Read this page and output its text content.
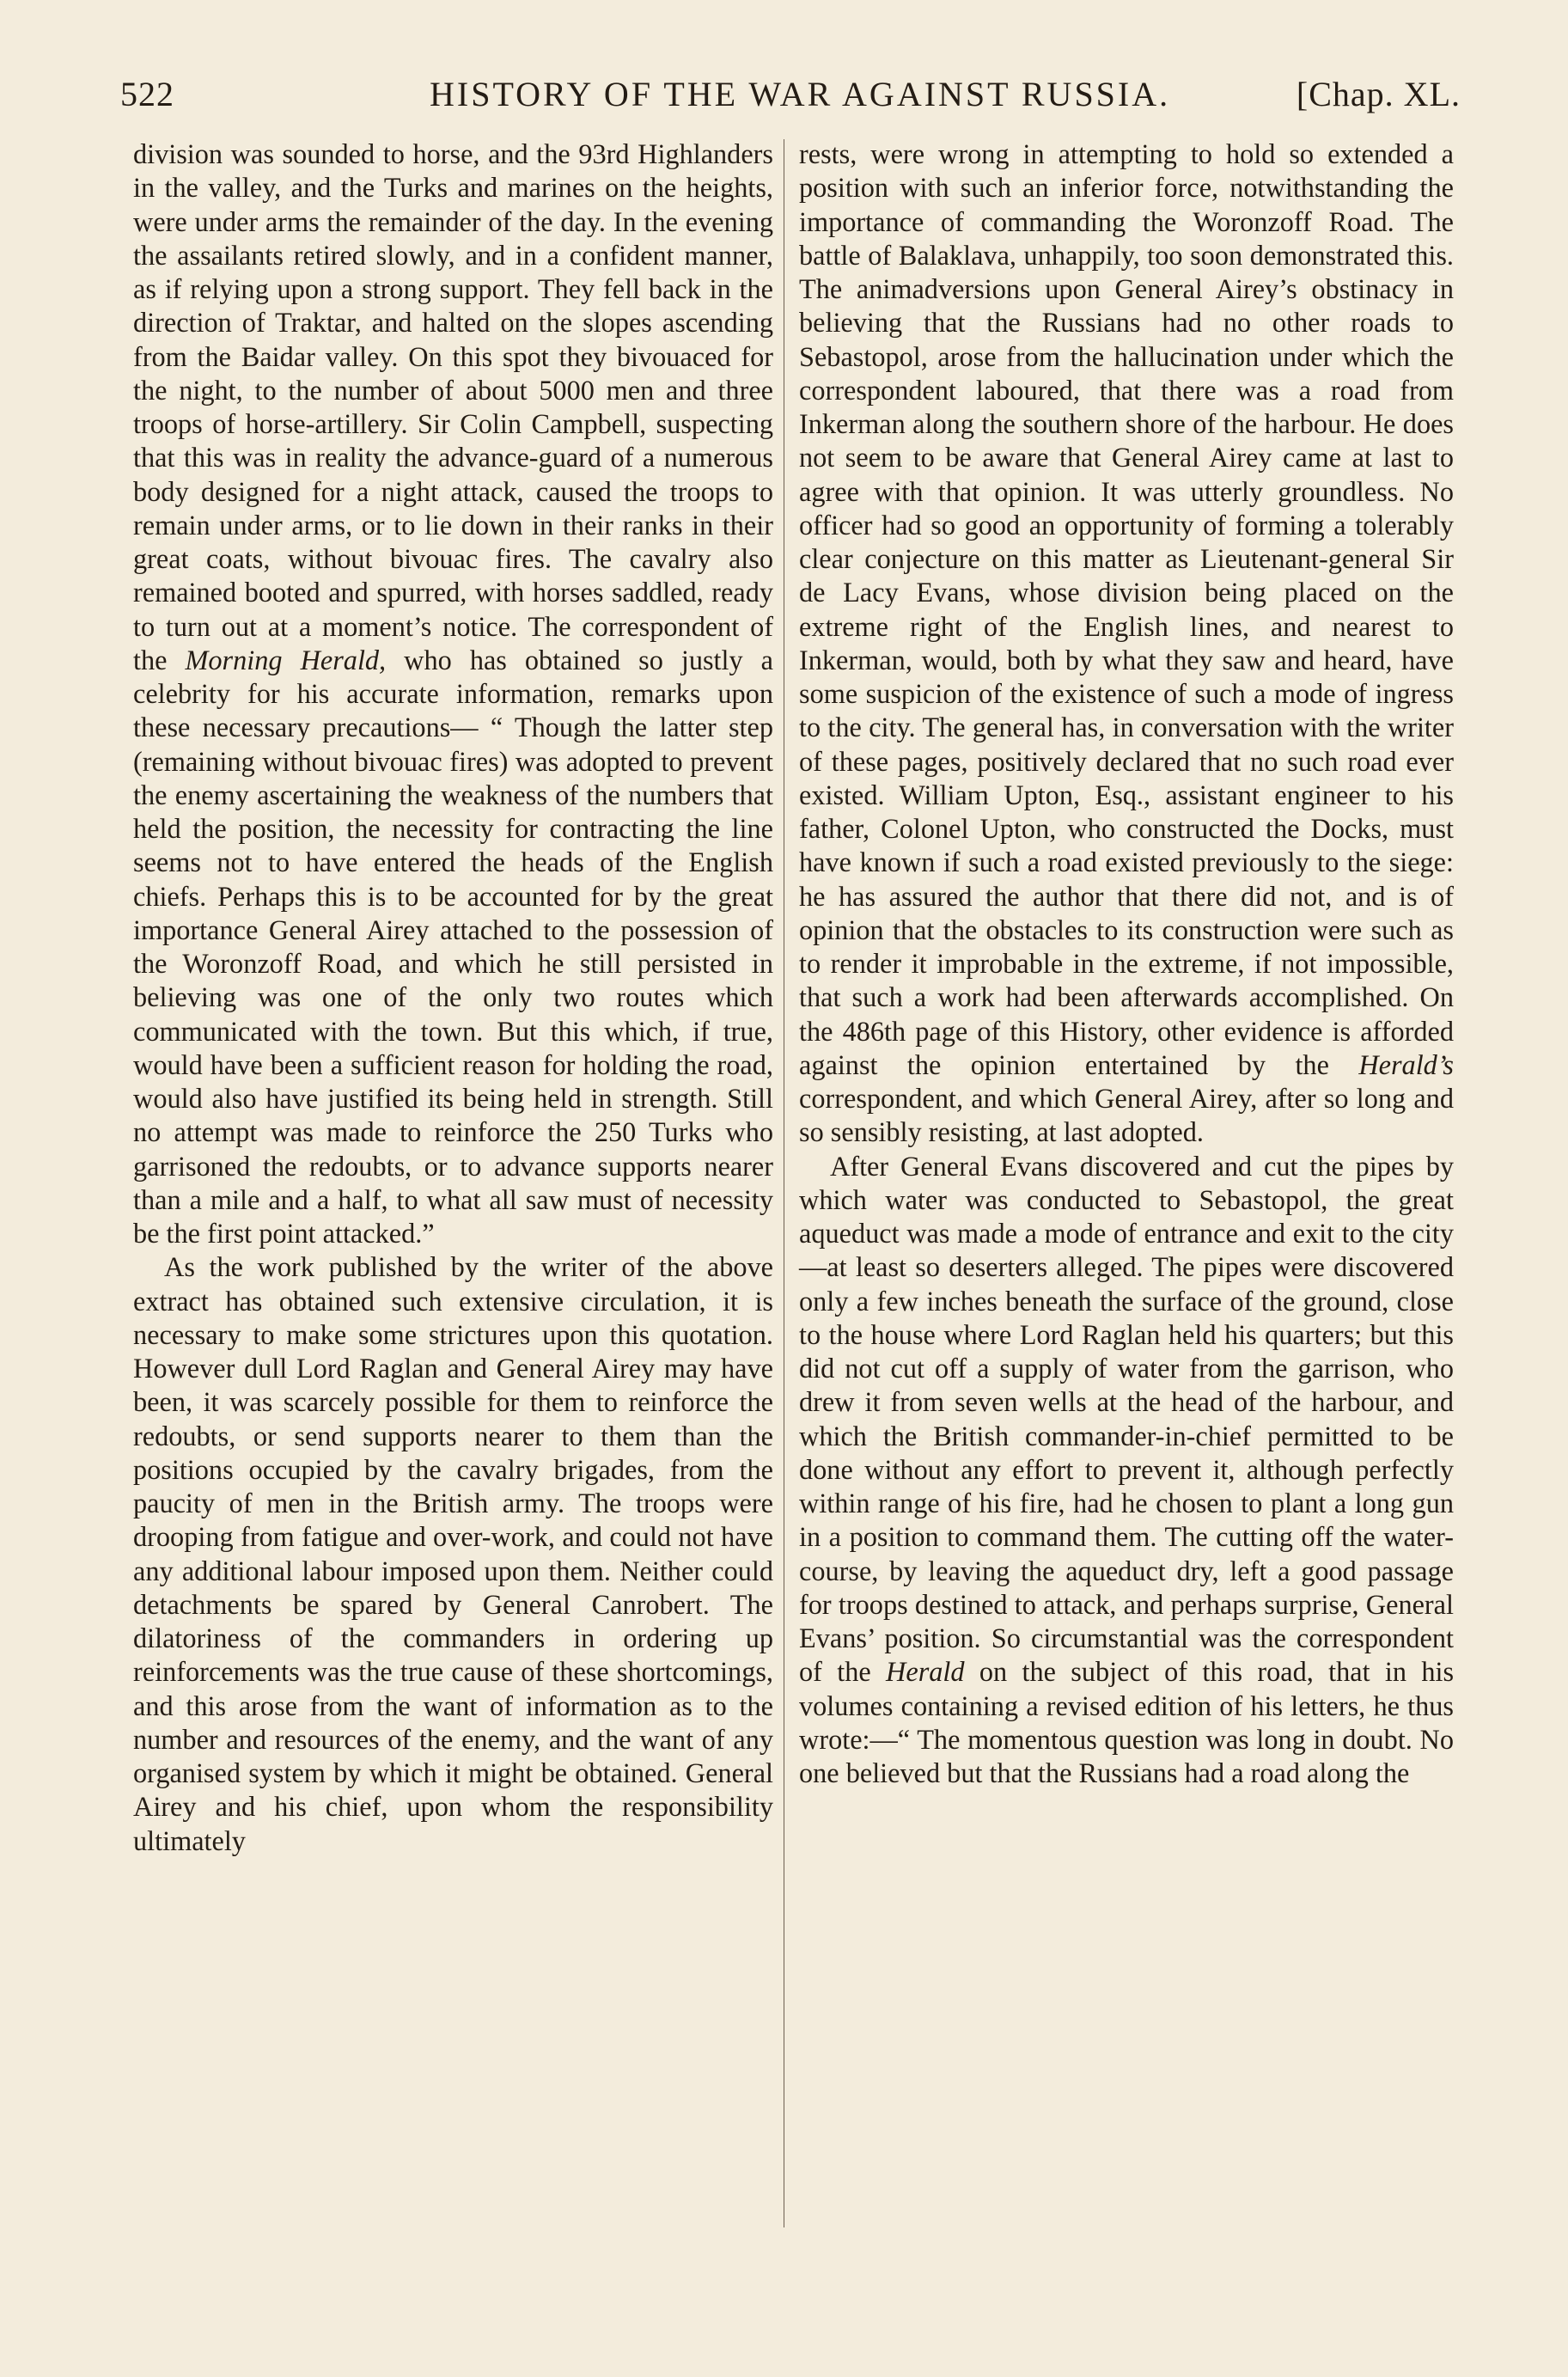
522	HISTORY OF THE WAR AGAINST RUSSIA.	[Chap. XL.

division was sounded to horse, and the 93rd Highlanders in the valley, and the Turks and marines on the heights, were under arms the remainder of the day. In the evening the assailants retired slowly, and in a confident manner, as if relying upon a strong support. They fell back in the direction of Traktar, and halted on the slopes ascending from the Baidar valley. On this spot they bivouaced for the night, to the number of about 5000 men and three troops of horse-artillery. Sir Colin Campbell, suspecting that this was in reality the advance-guard of a numerous body designed for a night attack, caused the troops to remain under arms, or to lie down in their ranks in their great coats, without bivouac fires. The cavalry also remained booted and spurred, with horses saddled, ready to turn out at a moment’s notice. The correspondent of the Morning Herald, who has obtained so justly a celebrity for his accurate information, remarks upon these necessary precautions— “ Though the latter step (remaining without bivouac fires) was adopted to prevent the enemy ascertaining the weakness of the numbers that held the position, the necessity for contracting the line seems not to have entered the heads of the English chiefs. Perhaps this is to be accounted for by the great importance General Airey attached to the possession of the Woronzoff Road, and which he still persisted in believing was one of the only two routes which communicated with the town. But this which, if true, would have been a sufficient reason for holding the road, would also have justified its being held in strength. Still no attempt was made to reinforce the 250 Turks who garrisoned the redoubts, or to advance supports nearer than a mile and a half, to what all saw must of necessity be the first point attacked.”

As the work published by the writer of the above extract has obtained such extensive circulation, it is necessary to make some strictures upon this quotation. However dull Lord Raglan and General Airey may have been, it was scarcely possible for them to reinforce the redoubts, or send supports nearer to them than the positions occupied by the cavalry brigades, from the paucity of men in the British army. The troops were drooping from fatigue and over-work, and could not have any additional labour imposed upon them. Neither could detachments be spared by General Canrobert. The dilatoriness of the commanders in ordering up reinforcements was the true cause of these shortcomings, and this arose from the want of information as to the number and resources of the enemy, and the want of any organised system by which it might be obtained. General Airey and his chief, upon whom the responsibility ultimately

rests, were wrong in attempting to hold so extended a position with such an inferior force, notwithstanding the importance of commanding the Woronzoff Road. The battle of Balaklava, unhappily, too soon demonstrated this. The animadversions upon General Airey’s obstinacy in believing that the Russians had no other roads to Sebastopol, arose from the hallucination under which the correspondent laboured, that there was a road from Inkerman along the southern shore of the harbour. He does not seem to be aware that General Airey came at last to agree with that opinion. It was utterly groundless. No officer had so good an opportunity of forming a tolerably clear conjecture on this matter as Lieutenant-general Sir de Lacy Evans, whose division being placed on the extreme right of the English lines, and nearest to Inkerman, would, both by what they saw and heard, have some suspicion of the existence of such a mode of ingress to the city. The general has, in conversation with the writer of these pages, positively declared that no such road ever existed. William Upton, Esq., assistant engineer to his father, Colonel Upton, who constructed the Docks, must have known if such a road existed previously to the siege: he has assured the author that there did not, and is of opinion that the obstacles to its construction were such as to render it improbable in the extreme, if not impossible, that such a work had been afterwards accomplished. On the 486th page of this History, other evidence is afforded against the opinion entertained by the Herald’s correspondent, and which General Airey, after so long and so sensibly resisting, at last adopted.

After General Evans discovered and cut the pipes by which water was conducted to Sebastopol, the great aqueduct was made a mode of entrance and exit to the city—at least so deserters alleged. The pipes were discovered only a few inches beneath the surface of the ground, close to the house where Lord Raglan held his quarters; but this did not cut off a supply of water from the garrison, who drew it from seven wells at the head of the harbour, and which the British commander-in-chief permitted to be done without any effort to prevent it, although perfectly within range of his fire, had he chosen to plant a long gun in a position to command them. The cutting off the water-course, by leaving the aqueduct dry, left a good passage for troops destined to attack, and perhaps surprise, General Evans’ position. So circumstantial was the correspondent of the Herald on the subject of this road, that in his volumes containing a revised edition of his letters, he thus wrote:—“ The momentous question was long in doubt. No one believed but that the Russians had a road along the
